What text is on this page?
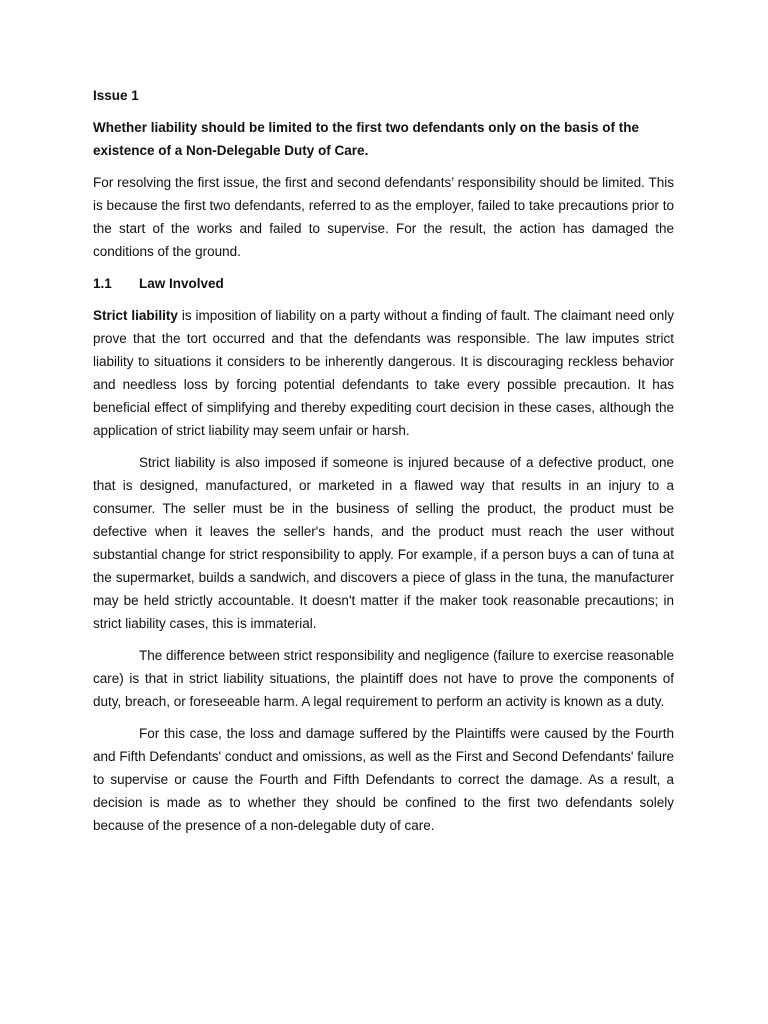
Issue 1
Whether liability should be limited to the first two defendants only on the basis of the existence of a Non-Delegable Duty of Care.

For resolving the first issue, the first and second defendants’ responsibility should be limited. This is because the first two defendants, referred to as the employer, failed to take precautions prior to the start of the works and failed to supervise. For the result, the action has damaged the conditions of the ground.

1.1 Law Involved

Strict liability is imposition of liability on a party without a finding of fault. The claimant need only prove that the tort occurred and that the defendants was responsible. The law imputes strict liability to situations it considers to be inherently dangerous. It is discouraging reckless behavior and needless loss by forcing potential defendants to take every possible precaution. It has beneficial effect of simplifying and thereby expediting court decision in these cases, although the application of strict liability may seem unfair or harsh.

Strict liability is also imposed if someone is injured because of a defective product, one that is designed, manufactured, or marketed in a flawed way that results in an injury to a consumer. The seller must be in the business of selling the product, the product must be defective when it leaves the seller's hands, and the product must reach the user without substantial change for strict responsibility to apply. For example, if a person buys a can of tuna at the supermarket, builds a sandwich, and discovers a piece of glass in the tuna, the manufacturer may be held strictly accountable. It doesn't matter if the maker took reasonable precautions; in strict liability cases, this is immaterial.

The difference between strict responsibility and negligence (failure to exercise reasonable care) is that in strict liability situations, the plaintiff does not have to prove the components of duty, breach, or foreseeable harm. A legal requirement to perform an activity is known as a duty.

For this case, the loss and damage suffered by the Plaintiffs were caused by the Fourth and Fifth Defendants' conduct and omissions, as well as the First and Second Defendants' failure to supervise or cause the Fourth and Fifth Defendants to correct the damage. As a result, a decision is made as to whether they should be confined to the first two defendants solely because of the presence of a non-delegable duty of care.
